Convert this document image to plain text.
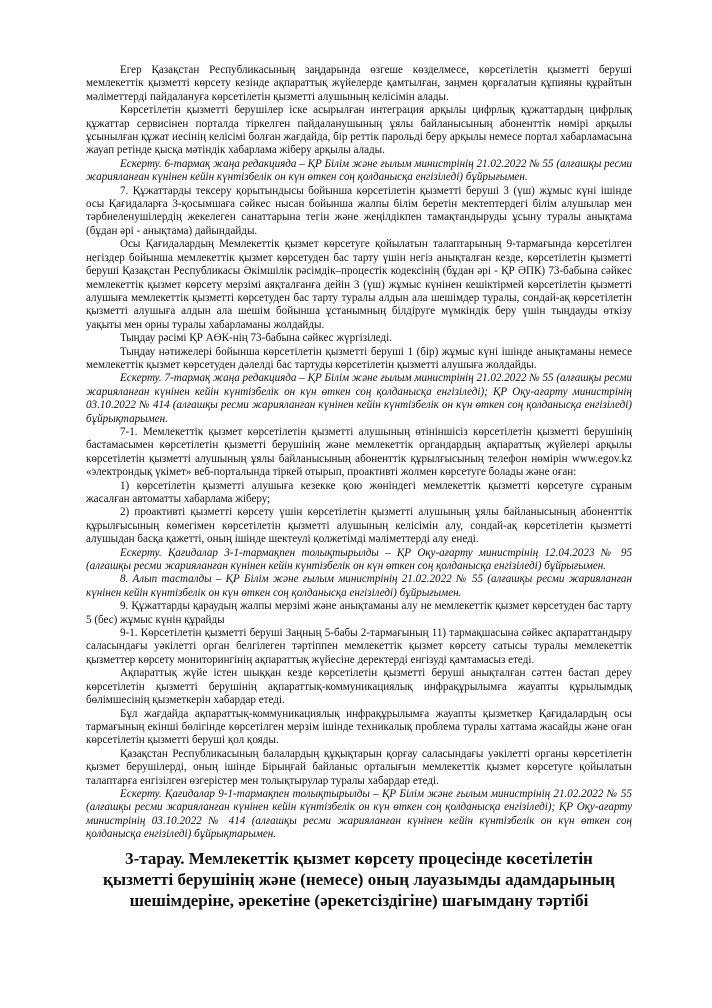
Егер Қазақстан Республикасының заңдарында өзгеше көзделмесе, көрсетілетін қызметті беруші мемлекеттік қызметті көрсету кезінде ақпараттық жүйелерде қамтылған, заңмен қорғалатын құпияны құрайтын мәліметтерді пайдалануға көрсетілетін қызметті алушының келісімін алады.

Көрсетілетін қызметті берушілер іске асырылған интеграция арқылы цифрлық құжаттардың цифрлық құжаттар сервисінен порталда тіркелген пайдаланушының ұялы байланысының абоненттік нөмірі арқылы ұсынылған құжат иесінің келісімі болған жағдайда, бір реттік парольді беру арқылы немесе портал хабарламасына жауап ретінде қысқа мәтіндік хабарлама жіберу арқылы алады.

Ескерту. 6-тармақ жаңа редакцияда – ҚР Білім және ғылым министрінің 21.02.2022 № 55 (алғашқы ресми жарияланған күнінен кейін күнтізбелік он күн өткен соң қолданысқа енгізіледі) бұйрығымен.

7. Құжаттарды тексеру қорытындысы бойынша көрсетілетін қызметті беруші 3 (үш) жұмыс күні ішінде осы Қағидаларға 3-қосымшаға сәйкес нысан бойынша жалпы білім беретін мектептердегі білім алушылар мен тәрбиеленушілердің жекелеген санаттарына тегін және жеңілдікпен тамақтандыруды ұсыну туралы анықтама (бұдан әрі - анықтама) дайындайды.

Осы Қағидалардың Мемлекеттік қызмет көрсетуге қойылатын талаптарының 9-тармағында көрсетілген негіздер бойынша мемлекеттік қызмет көрсетуден бас тарту үшін негіз анықталған кезде, көрсетілетін қызметті беруші Қазақстан Республикасы Әкімшілік рәсімдік–процестік кодексінің (бұдан әрі - ҚР ӘПК) 73-бабына сәйкес мемлекеттік қызмет көрсету мерзімі аяқталғанға дейін 3 (үш) жұмыс күнінен кешіктірмей көрсетілетін қызметті алушыға мемлекеттік қызметті көрсетуден бас тарту туралы алдын ала шешімдер туралы, сондай-ақ көрсетілетін қызметті алушыға алдын ала шешім бойынша ұстанымның білдіруге мүмкіндік беру үшін тыңдауды өткізу уақыты мен орны туралы хабарламаны жолдайды.

Тыңдау рәсімі ҚР АӨК-нің 73-бабына сәйкес жүргізіледі.

Тыңдау нәтижелері бойынша көрсетілетін қызметті беруші 1 (бір) жұмыс күні ішінде анықтаманы немесе мемлекеттік қызмет көрсетуден дәлелді бас тартуды көрсетілетін қызметті алушыға жолдайды.

Ескерту. 7-тармақ жаңа редакцияда – ҚР Білім және ғылым министрінің 21.02.2022 № 55 (алғашқы ресми жарияланған күнінен кейін күнтізбелік он күн өткен соң қолданысқа енгізіледі); ҚР Оқу-ағарту министрінің 03.10.2022 № 414 (алғашқы ресми жарияланған күнінен кейін күнтізбелік он күн өткен соң қолданысқа енгізіледі) бұйрықтарымен.

7-1. Мемлекеттік қызмет көрсетілетін қызметті алушының өтініншісіз көрсетілетін қызметті берушінің бастамасымен көрсетілетін қызметті берушінің және мемлекеттік органдардың ақпараттық жүйелері арқылы көрсетілетін қызметті алушының ұялы байланысының абоненттік құрылғысының телефон нөмірін www.egov.kz «электрондық үкімет» веб-порталында тіркей отырып, проактивті жолмен көрсетуге болады және оған:

1) көрсетілетін қызметті алушыға кезекке қою жөніндегі мемлекеттік қызметті көрсетуге сұраным жасалған автоматты хабарлама жіберу;

2) проактивті қызметті көрсету үшін көрсетілетін қызметті алушының ұялы байланысының абоненттік құрылғысының көмегімен көрсетілетін қызметті алушының келісімін алу, сондай-ақ көрсетілетін қызметті алушыдан басқа қажетті, оның ішінде шектеулі қолжетімді мәліметтерді алу енеді.

Ескерту. Қағидалар 3-1-тармақпен толықтырылды – ҚР Оқу-ағарту министрінің 12.04.2023 № 95 (алғашқы ресми жарияланған күнінен кейін күнтізбелік он күн өткен соң қолданысқа енгізіледі) бұйрығымен.

8. Алып тасталды – ҚР Білім және ғылым министрінің 21.02.2022 № 55 (алғашқы ресми жарияланған күнінен кейін күнтізбелік он күн өткен соң қолданысқа енгізіледі) бұйрығымен.

9. Құжаттарды қараудың жалпы мерзімі және анықтаманы алу не мемлекеттік қызмет көрсетуден бас тарту 5 (бес) жұмыс күнін құрайды

9-1. Көрсетілетін қызметті беруші Заңның 5-бабы 2-тармағының 11) тармақшасына сәйкес ақпараттандыру саласындағы уәкілетті орган белгілеген тәртіппен мемлекеттік қызмет көрсету сатысы туралы мемлекеттік қызметтер көрсету мониторингінің ақпараттық жүйесіне деректерді енгізуді қамтамасыз етеді.

Ақпараттық жүйе істен шыққан кезде көрсетілетін қызметті беруші анықталған сәттен бастап дереу көрсетілетін қызметті берушінің ақпараттық-коммуникациялық инфрақұрылымға жауапты құрылымдық бөлімшесінің қызметкерін хабардар етеді.

Бұл жағдайда ақпараттық-коммуникациялық инфрақұрылымға жауапты қызметкер Қағидалардың осы тармағының екінші бөлігінде көрсетілген мерзім ішінде техникалық проблема туралы хаттама жасайды және оған көрсетілетін қызметті беруші қол қояды.

Қазақстан Республикасының балалардың құқықтарын қорғау саласындағы уәкілетті органы көрсетілетін қызмет берушілерді, оның ішінде Бірыңғай байланыс орталығын мемлекеттік қызмет көрсетуге қойылатын талаптарға енгізілген өзгерістер мен толықтырулар туралы хабардар етеді.

Ескерту. Қағидалар 9-1-тармақпен толықтырылды – ҚР Білім және ғылым министрінің 21.02.2022 № 55 (алғашқы ресми жарияланған күнінен кейін күнтізбелік он күн өткен соң қолданысқа енгізіледі); ҚР Оқу-ағарту министрінің 03.10.2022 № 414 (алғашқы ресми жарияланған күнінен кейін күнтізбелік он күн өткен соң қолданысқа енгізіледі) бұйрықтарымен.

3-тарау. Мемлекеттік қызмет көрсету процесінде көсетілетін қызметті берушінің және (немесе) оның лауазымды адамдарының шешімдеріне, әрекетіне (әрекетсіздігіне) шағымдану тәртібі
